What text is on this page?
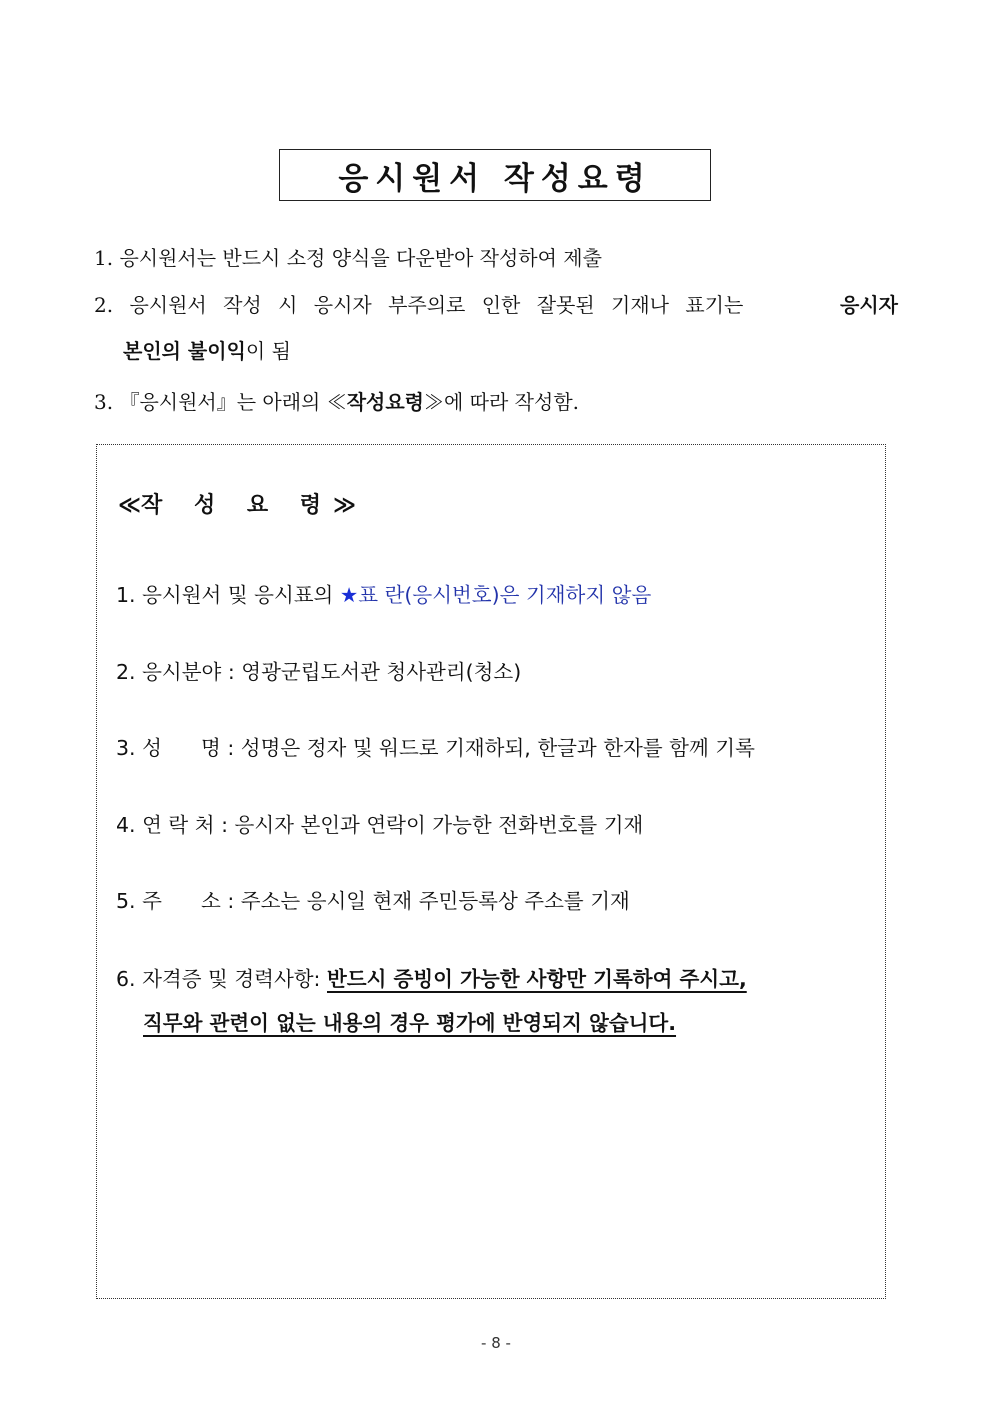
응시원서 작성요령
1. 응시원서는 반드시 소정 양식을 다운받아 작성하여 제출
2. 응시원서 작성 시 응시자 부주의로 인한 잘못된 기재나 표기는	응시자
본인의 불이익이 됨
3. 『응시원서』는 아래의 ≪작성요령≫에 따라 작성함.
≪작 성 요 령≫
1. 응시원서 및 응시표의 ★표 란(응시번호)은 기재하지 않음
2. 응시분야 : 영광군립도서관 청사관리(청소)
3. 성      명 : 성명은 정자 및 워드로 기재하되, 한글과 한자를 함께 기록
4. 연 락 처 : 응시자 본인과 연락이 가능한 전화번호를 기재
5. 주      소 : 주소는 응시일 현재 주민등록상 주소를 기재
6. 자격증 및 경력사항: 반드시 증빙이 가능한 사항만 기록하여 주시고,
직무와 관련이 없는 내용의 경우 평가에 반영되지 않습니다.
- 8 -
